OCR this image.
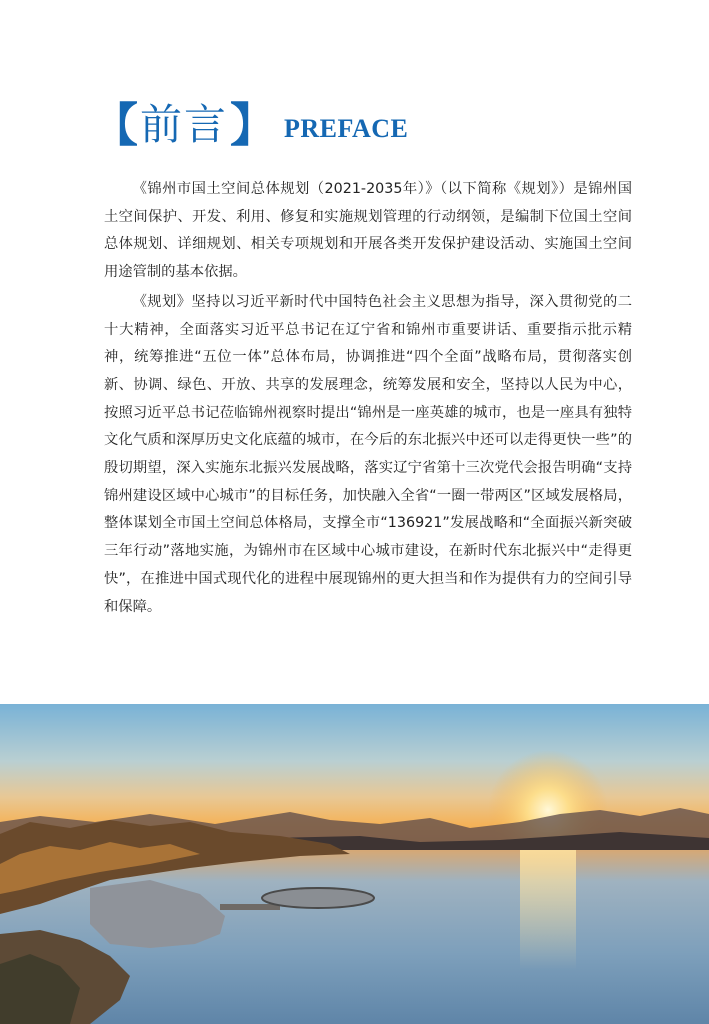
【 前言 】 PREFACE

《锦州市国土空间总体规划（2021-2035年）》（以下简称《规划》）是锦州国土空间保护、开发、利用、修复和实施规划管理的行动纲领，是编制下位国土空间总体规划、详细规划、相关专项规划和开展各类开发保护建设活动、实施国土空间用途管制的基本依据。

《规划》坚持以习近平新时代中国特色社会主义思想为指导，深入贯彻党的二十大精神，全面落实习近平总书记在辽宁省和锦州市重要讲话、重要指示批示精神，统筹推进“五位一体”总体布局，协调推进“四个全面”战略布局，贯彻落实创新、协调、绿色、开放、共享的发展理念，统筹发展和安全，坚持以人民为中心，按照习近平总书记莅临锦州视察时提出“锦州是一座英雄的城市，也是一座具有独特文化气质和深厚历史文化底蕴的城市，在今后的东北振兴中还可以走得更快一些”的殷切期望，深入实施东北振兴发展战略，落实辽宁省第十三次党代会报告明确“支持锦州建设区域中心城市”的目标任务，加快融入全省“一圈一带两区”区域发展格局，整体谋划全市国土空间总体格局，支撑全市“136921”发展战略和“全面振兴新突破三年行动”落地实施，为锦州市在区域中心城市建设，在新时代东北振兴中“走得更快”，在推进中国式现代化的进程中展现锦州的更大担当和作为提供有力的空间引导和保障。
